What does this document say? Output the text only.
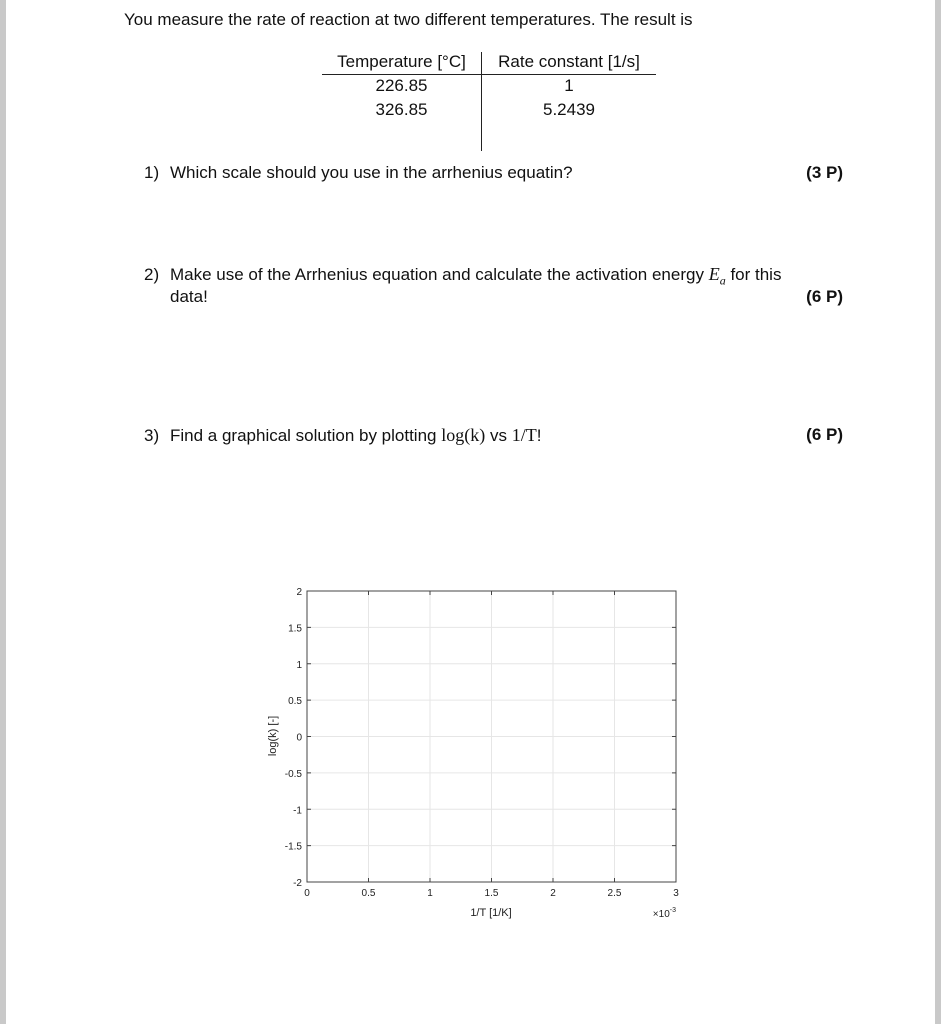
You measure the rate of reaction at two different temperatures. The result is
Temperature [°C]	Rate constant [1/s]
226.85	1
326.85	5.2439

1) Which scale should you use in the arrhenius equatin?	(3 P)
2) Make use of the Arrhenius equation and calculate the activation energy $E_a$ for this
data!	(6 P)
3) Find a graphical solution by plotting log(k) vs 1/T!	(6 P)
0	0.5	1	1.5	2	2.5	3
-2
-1.5
-1
-0.5
0
0.5
1
1.5
2
1/T [1/K]
log(k) [-]
$\times 10^{-3}$
